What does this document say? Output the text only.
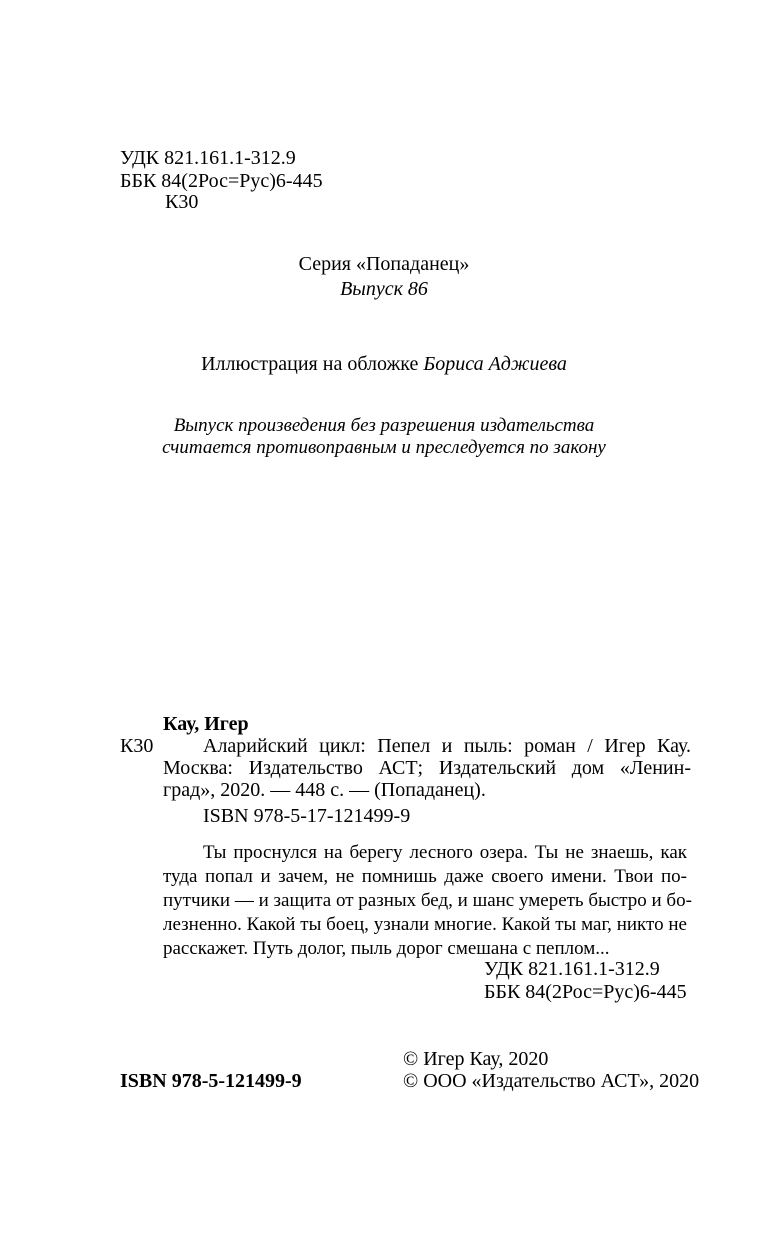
УДК 821.161.1-312.9
ББК 84(2Рос=Рус)6-445
К30
Серия «Попаданец»
Выпуск 86
Иллюстрация на обложке Бориса Аджиева
Выпуск произведения без разрешения издательства
считается противоправным и преследуется по закону
Кау, Игер
К30 Аларийский цикл: Пепел и пыль: роман / Игер Кау.
Москва: Издательство АСТ; Издательский дом «Ленин-
град», 2020. — 448 с. — (Попаданец).
ISBN 978-5-17-121499-9
Ты проснулся на берегу лесного озера. Ты не знаешь, как
туда попал и зачем, не помнишь даже своего имени. Твои по-
путчики — и защита от разных бед, и шанс умереть быстро и бо-
лезненно. Какой ты боец, узнали многие. Какой ты маг, никто не
расскажет. Путь долог, пыль дорог смешана с пеплом...
УДК 821.161.1-312.9
ББК 84(2Рос=Рус)6-445
© Игер Кау, 2020
ISBN 978-5-121499-9	© ООО «Издательство АСТ», 2020
